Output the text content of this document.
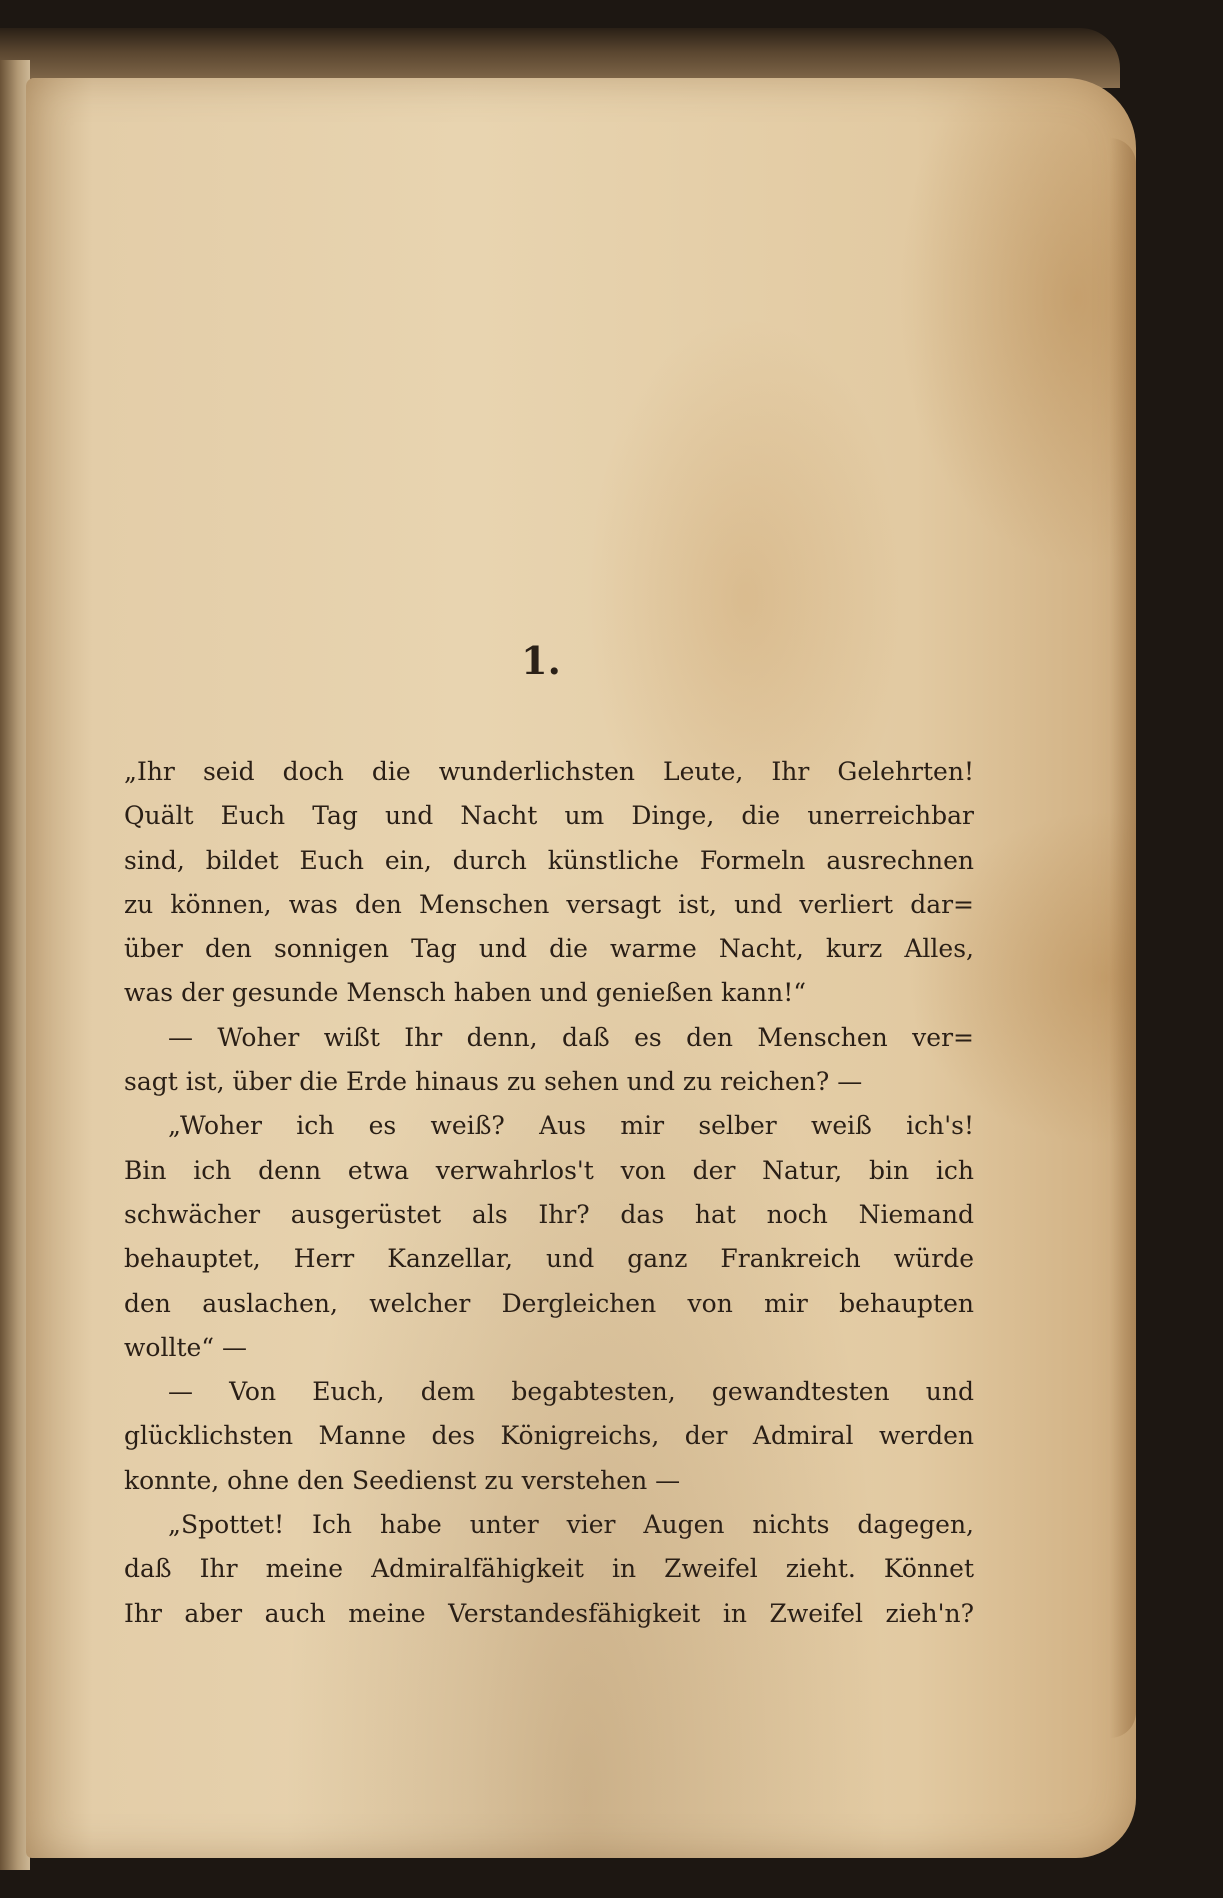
1.
„Ihr seid doch die wunderlichsten Leute, Ihr Gelehrten!
Quält Euch Tag und Nacht um Dinge, die unerreichbar
sind, bildet Euch ein, durch künstliche Formeln ausrechnen
zu können, was den Menschen versagt ist, und verliert dar=
über den sonnigen Tag und die warme Nacht, kurz Alles,
was der gesunde Mensch haben und genießen kann!“
— Woher wißt Ihr denn, daß es den Menschen ver=
sagt ist, über die Erde hinaus zu sehen und zu reichen? —
„Woher ich es weiß? Aus mir selber weiß ich's!
Bin ich denn etwa verwahrlos't von der Natur, bin ich
schwächer ausgerüstet als Ihr? das hat noch Niemand
behauptet, Herr Kanzellar, und ganz Frankreich würde
den auslachen, welcher Dergleichen von mir behaupten
wollte“ —
— Von Euch, dem begabtesten, gewandtesten und
glücklichsten Manne des Königreichs, der Admiral werden
konnte, ohne den Seedienst zu verstehen —
„Spottet! Ich habe unter vier Augen nichts dagegen,
daß Ihr meine Admiralfähigkeit in Zweifel zieht. Könnet
Ihr aber auch meine Verstandesfähigkeit in Zweifel zieh'n?
